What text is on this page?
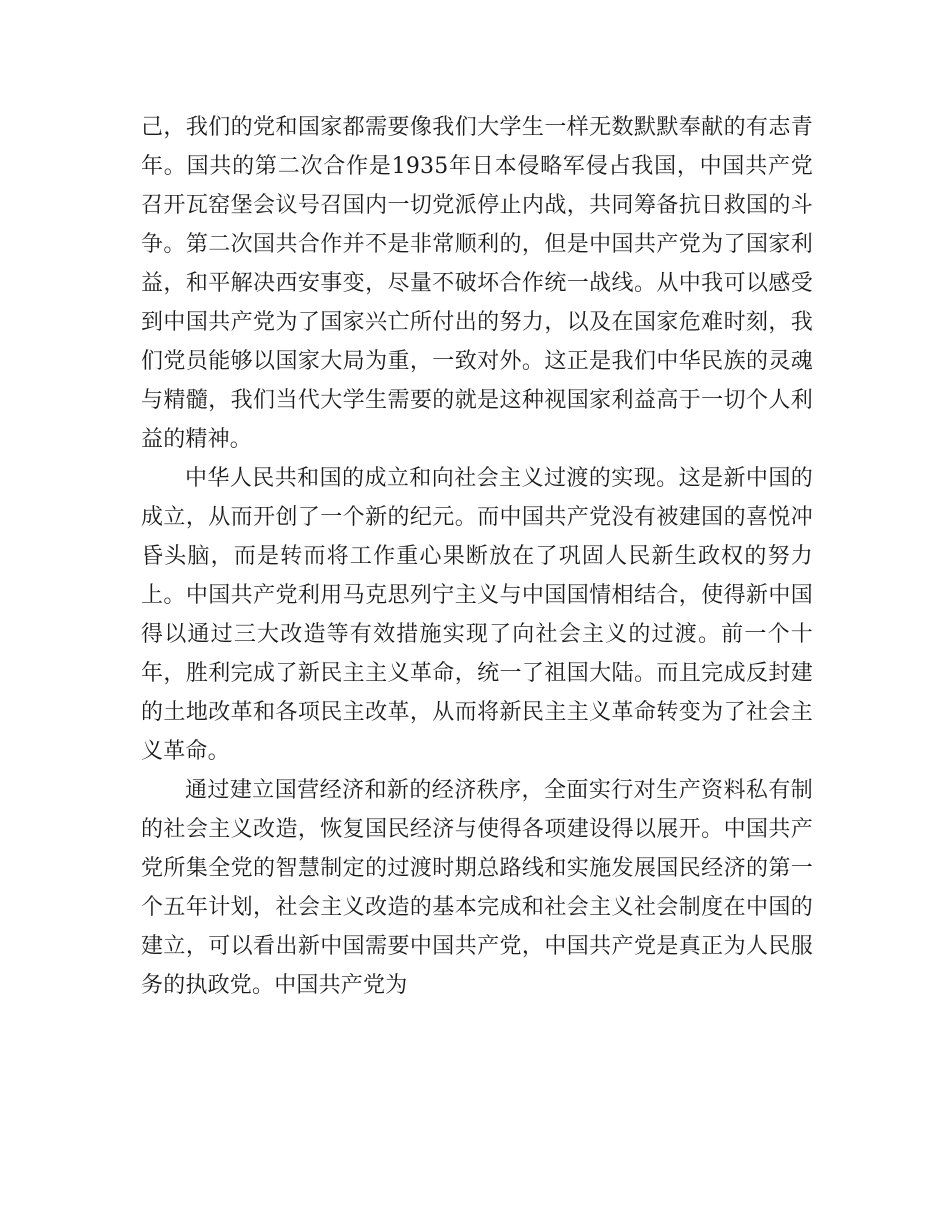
己，我们的党和国家都需要像我们大学生一样无数默默奉献的有志青年。国共的第二次合作是1935年日本侵略军侵占我国，中国共产党召开瓦窑堡会议号召国内一切党派停止内战，共同筹备抗日救国的斗争。第二次国共合作并不是非常顺利的，但是中国共产党为了国家利益，和平解决西安事变，尽量不破坏合作统一战线。从中我可以感受到中国共产党为了国家兴亡所付出的努力，以及在国家危难时刻，我们党员能够以国家大局为重，一致对外。这正是我们中华民族的灵魂与精髓，我们当代大学生需要的就是这种视国家利益高于一切个人利益的精神。

中华人民共和国的成立和向社会主义过渡的实现。这是新中国的成立，从而开创了一个新的纪元。而中国共产党没有被建国的喜悦冲昏头脑，而是转而将工作重心果断放在了巩固人民新生政权的努力上。中国共产党利用马克思列宁主义与中国国情相结合，使得新中国得以通过三大改造等有效措施实现了向社会主义的过渡。前一个十年，胜利完成了新民主主义革命，统一了祖国大陆。而且完成反封建的土地改革和各项民主改革，从而将新民主主义革命转变为了社会主义革命。

通过建立国营经济和新的经济秩序，全面实行对生产资料私有制的社会主义改造，恢复国民经济与使得各项建设得以展开。中国共产党所集全党的智慧制定的过渡时期总路线和实施发展国民经济的第一个五年计划，社会主义改造的基本完成和社会主义社会制度在中国的建立，可以看出新中国需要中国共产党，中国共产党是真正为人民服务的执政党。中国共产党为
